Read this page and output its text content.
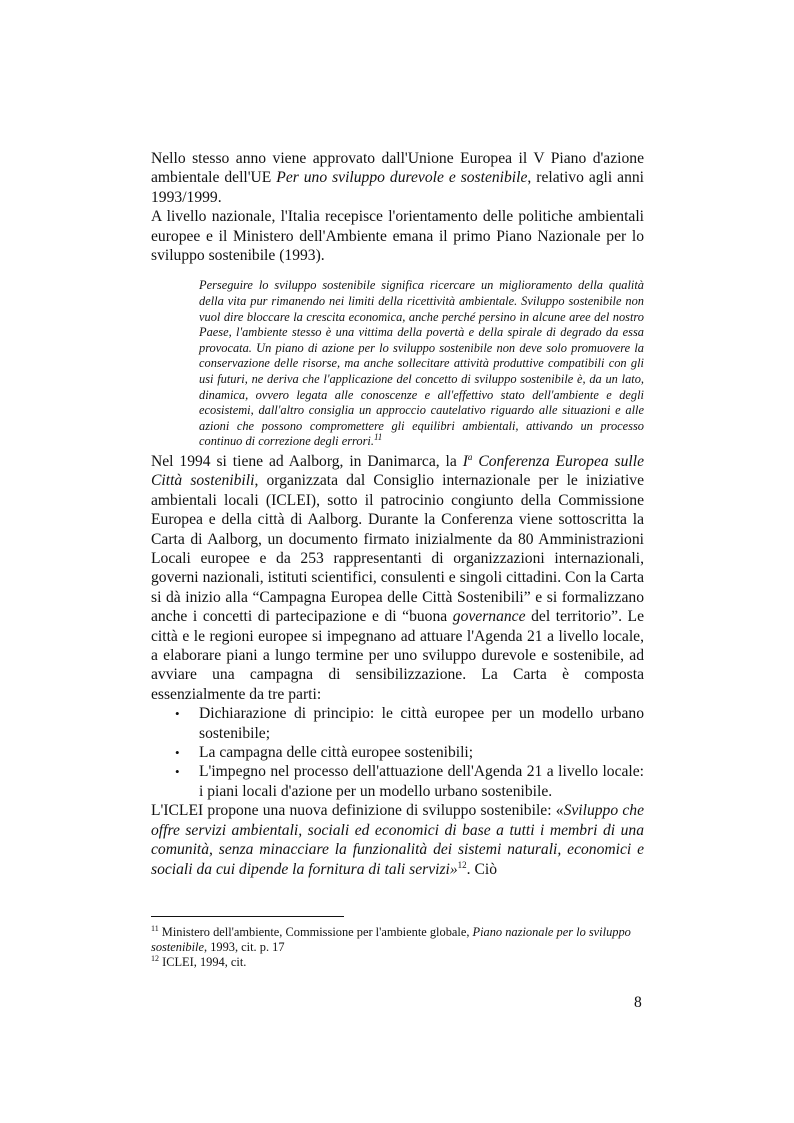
Nello stesso anno viene approvato dall'Unione Europea il V Piano d'azione ambientale dell'UE Per uno sviluppo durevole e sostenibile, relativo agli anni 1993/1999.

A livello nazionale, l'Italia recepisce l'orientamento delle politiche ambientali europee e il Ministero dell'Ambiente emana il primo Piano Nazionale per lo sviluppo sostenibile (1993).

Perseguire lo sviluppo sostenibile significa ricercare un miglioramento della qualità della vita pur rimanendo nei limiti della ricettività ambientale. Sviluppo sostenibile non vuol dire bloccare la crescita economica, anche perché persino in alcune aree del nostro Paese, l'ambiente stesso è una vittima della povertà e della spirale di degrado da essa provocata. Un piano di azione per lo sviluppo sostenibile non deve solo promuovere la conservazione delle risorse, ma anche sollecitare attività produttive compatibili con gli usi futuri, ne deriva che l'applicazione del concetto di sviluppo sostenibile è, da un lato, dinamica, ovvero legata alle conoscenze e all'effettivo stato dell'ambiente e degli ecosistemi, dall'altro consiglia un approccio cautelativo riguardo alle situazioni e alle azioni che possono compromettere gli equilibri ambientali, attivando un processo continuo di correzione degli errori.$^{11}$

Nel 1994 si tiene ad Aalborg, in Danimarca, la $I^a$ Conferenza Europea sulle Città sostenibili, organizzata dal Consiglio internazionale per le iniziative ambientali locali (ICLEI), sotto il patrocinio congiunto della Commissione Europea e della città di Aalborg. Durante la Conferenza viene sottoscritta la Carta di Aalborg, un documento firmato inizialmente da 80 Amministrazioni Locali europee e da 253 rappresentanti di organizzazioni internazionali, governi nazionali, istituti scientifici, consulenti e singoli cittadini. Con la Carta si dà inizio alla “Campagna Europea delle Città Sostenibili” e si formalizzano anche i concetti di partecipazione e di “buona governance del territorio”. Le città e le regioni europee si impegnano ad attuare l'Agenda 21 a livello locale, a elaborare piani a lungo termine per uno sviluppo durevole e sostenibile, ad avviare una campagna di sensibilizzazione. La Carta è composta essenzialmente da tre parti:

• Dichiarazione di principio: le città europee per un modello urbano sostenibile;
• La campagna delle città europee sostenibili;
• L'impegno nel processo dell'attuazione dell'Agenda 21 a livello locale: i piani locali d'azione per un modello urbano sostenibile.

L'ICLEI propone una nuova definizione di sviluppo sostenibile: «Sviluppo che offre servizi ambientali, sociali ed economici di base a tutti i membri di una comunità, senza minacciare la funzionalità dei sistemi naturali, economici e sociali da cui dipende la fornitura di tali servizi»$^{12}$. Ciò

$^{11}$ Ministero dell'ambiente, Commissione per l'ambiente globale, Piano nazionale per lo sviluppo sostenibile, 1993, cit. p. 17

$^{12}$ ICLEI, 1994, cit.

8
